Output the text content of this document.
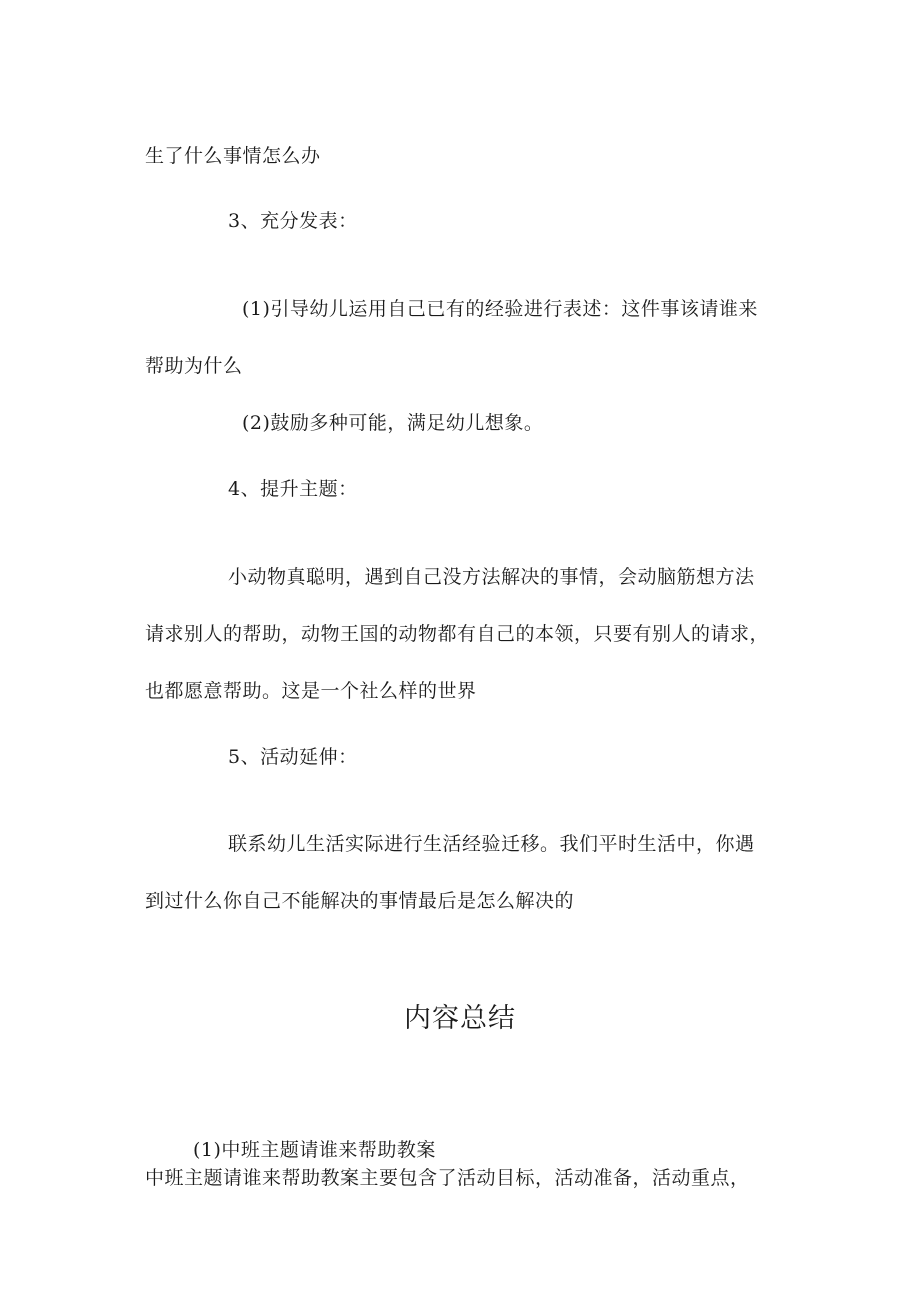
生了什么事情怎么办
3、充分发表：
(1)引导幼儿运用自己已有的经验进行表述：这件事该请谁来
帮助为什么
(2)鼓励多种可能，满足幼儿想象。
4、提升主题：
小动物真聪明，遇到自己没方法解决的事情，会动脑筋想方法
请求别人的帮助，动物王国的动物都有自己的本领，只要有别人的请求，
也都愿意帮助。这是一个社么样的世界
5、活动延伸：
联系幼儿生活实际进行生活经验迁移。我们平时生活中，你遇
到过什么你自己不能解决的事情最后是怎么解决的
内容总结
(1)中班主题请谁来帮助教案
中班主题请谁来帮助教案主要包含了活动目标，活动准备，活动重点，
